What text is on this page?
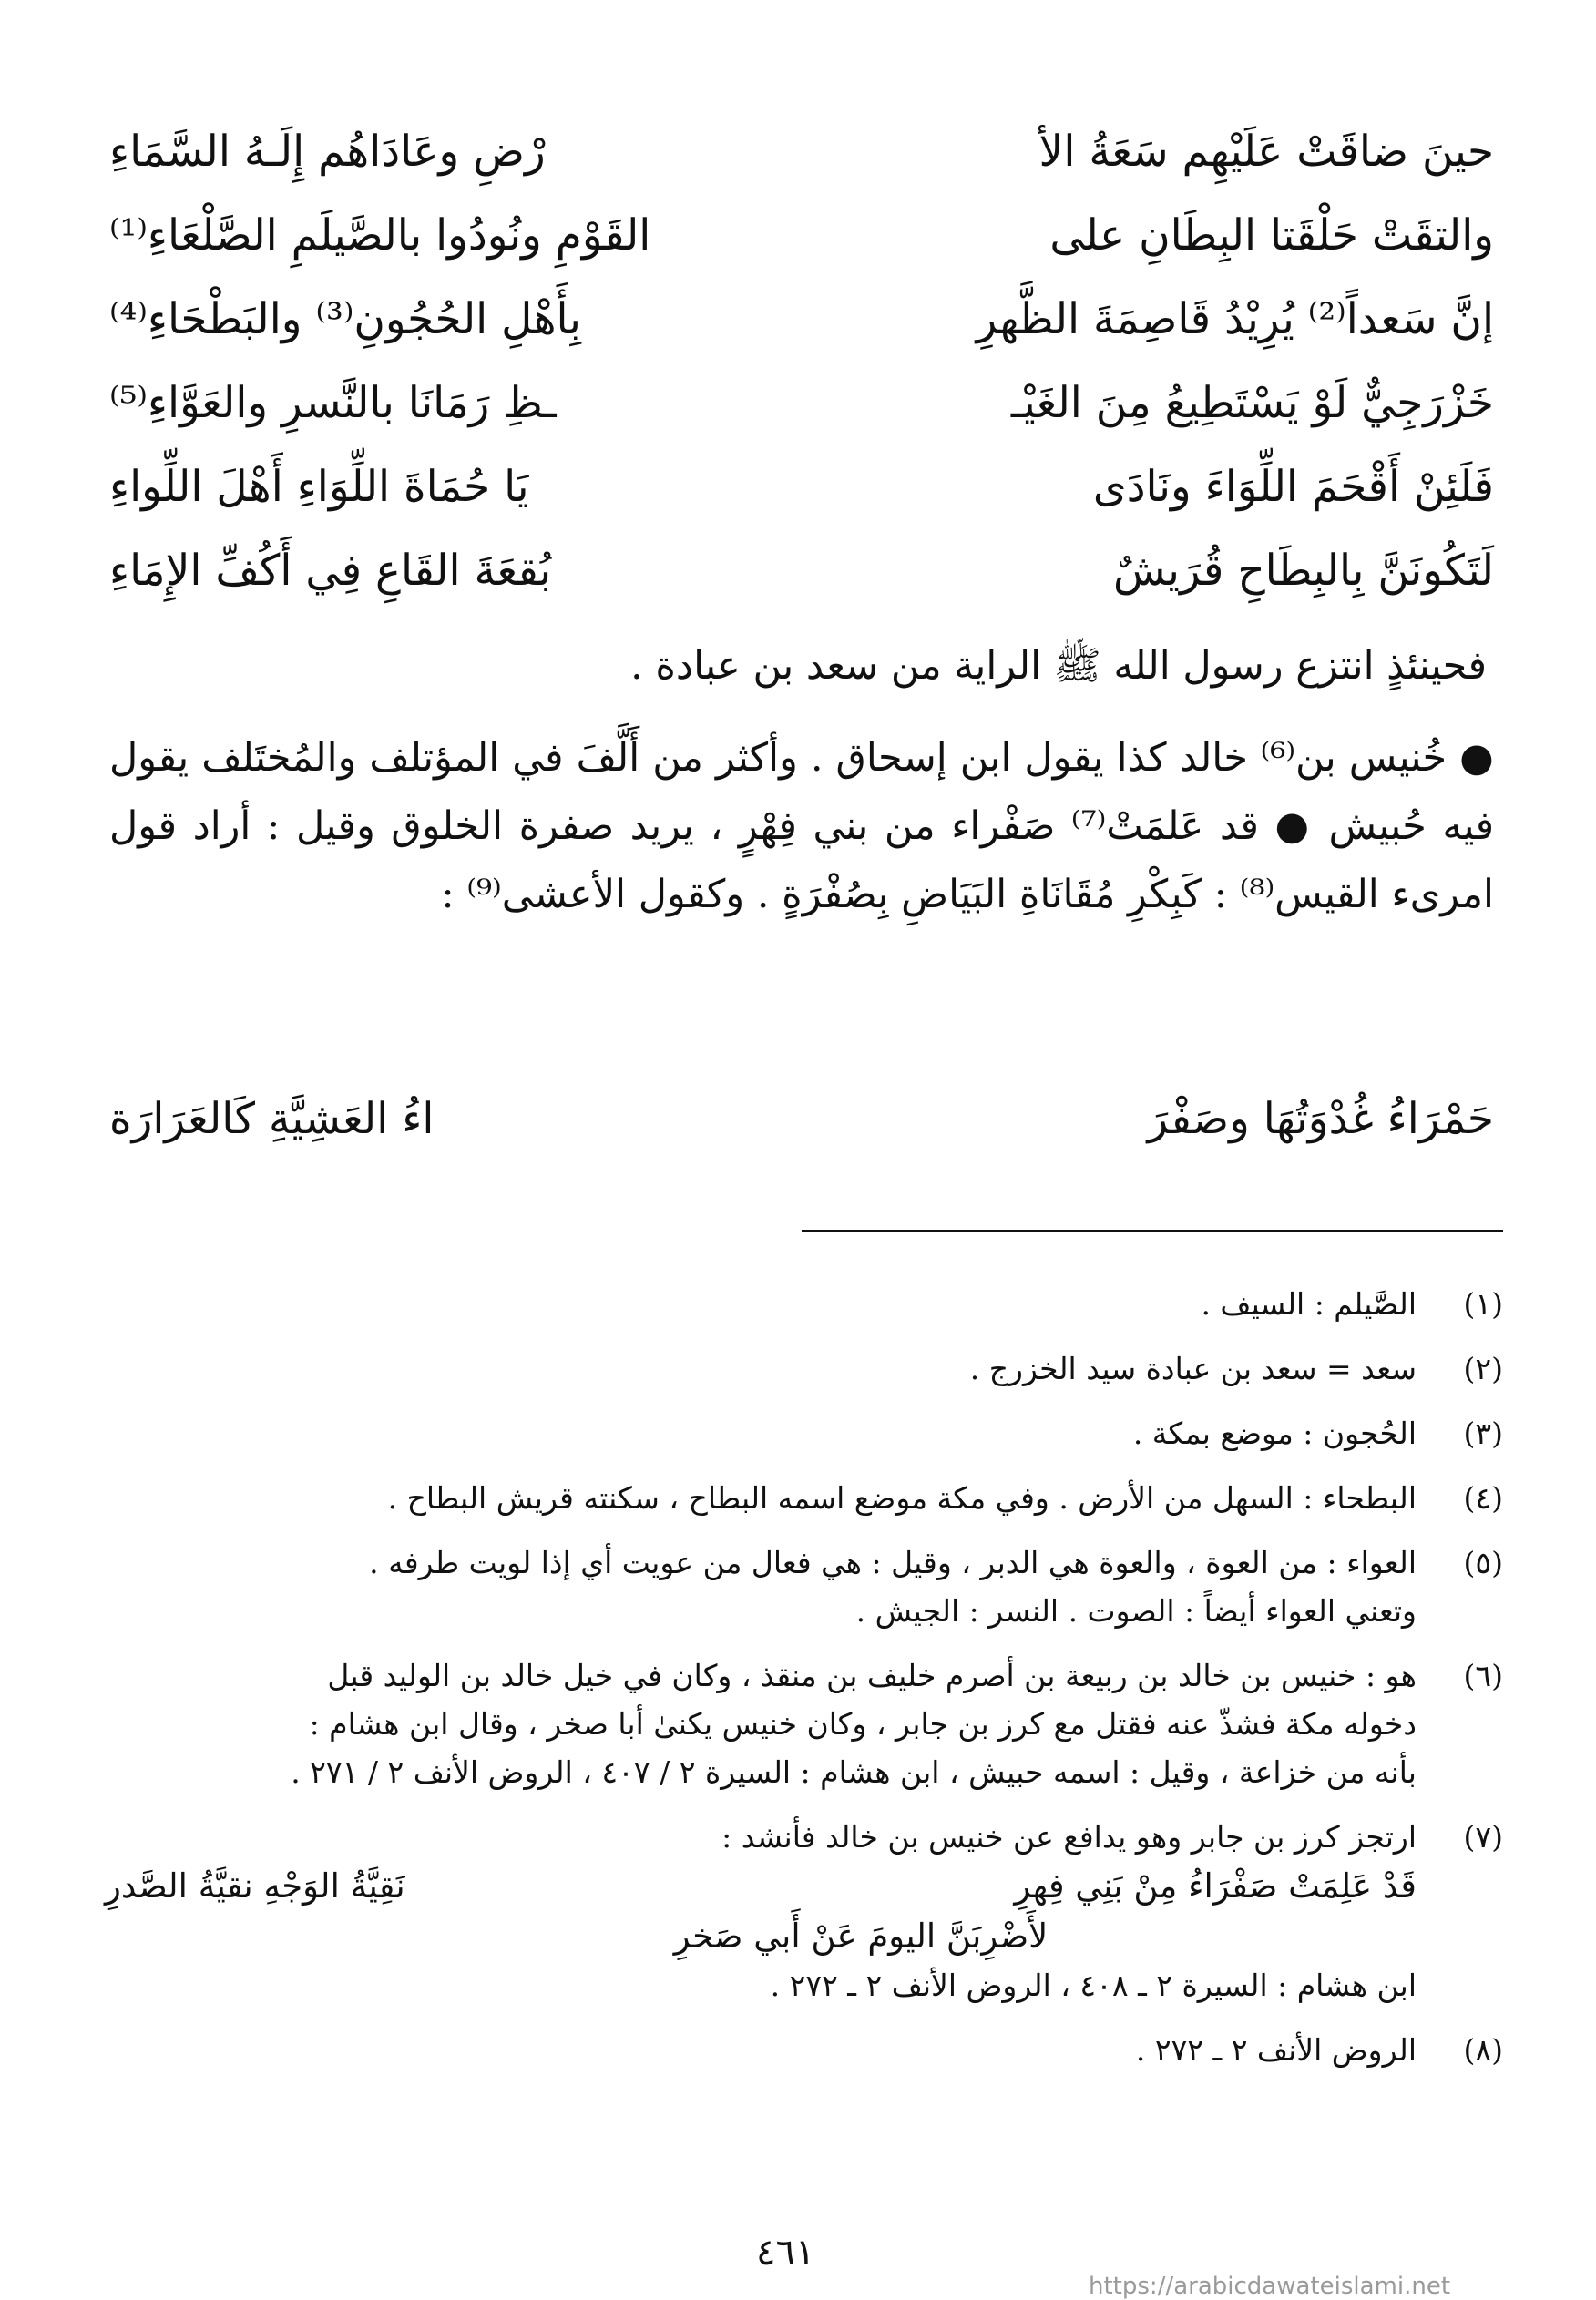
حينَ ضاقَتْ عَلَيْهِم سَعَةُ الأ
رْضِ وعَادَاهُم إِلَـهُ السَّمَاءِ
والتقَتْ حَلْقَتا البِطَانِ على
القَوْمِ ونُودُوا بالصَّيلَمِ الصَّلْعَاءِ⁽¹⁾
إنَّ سَعداً⁽²⁾ يُرِيْدُ قَاصِمَةَ الظَّهرِ
بِأَهْلِ الحُجُونِ⁽³⁾ والبَطْحَاءِ⁽⁴⁾
خَزْرَجِيٌّ لَوْ يَسْتَطِيعُ مِنَ الغَيْـ
ـظِ رَمَانَا بالنَّسرِ والعَوَّاءِ⁽⁵⁾
فَلَئِنْ أَقْحَمَ اللِّوَاءَ ونَادَى
يَا حُمَاةَ اللِّوَاءِ أَهْلَ اللِّواءِ
لَتَكُونَنَّ بِالبِطَاحِ قُرَيشٌ
بُقعَةَ القَاعِ فِي أَكُفِّ الإِمَاءِ
فحينئذٍ انتزع رسول الله ﷺ الراية من سعد بن عبادة .
● خُنيس بن⁽⁶⁾ خالد كذا يقول ابن إسحاق . وأكثر من أَلَّفَ في المؤتلف والمُختَلف يقول فيه حُبيش ● قد عَلمَتْ⁽⁷⁾ صَفْراء من بني فِهْرٍ ، يريد صفرة الخلوق وقيل : أراد قول امرىء القيس⁽⁸⁾ : كَبِكْرِ مُقَانَاةِ البَيَاضِ بِصُفْرَةٍ . وكقول الأعشى⁽⁹⁾ :
حَمْرَاءُ غُدْوَتُهَا وصَفْرَ
اءُ العَشِيَّةِ كَالعَرَارَة
(١)
الصَّيلم : السيف .
(٢)
سعد = سعد بن عبادة سيد الخزرج .
(٣)
الحُجون : موضع بمكة .
(٤)
البطحاء : السهل من الأرض . وفي مكة موضع اسمه البطاح ، سكنته قريش البطاح .
(٥)
العواء : من العوة ، والعوة هي الدبر ، وقيل : هي فعال من عويت أي إذا لويت طرفه .
وتعني العواء أيضاً : الصوت . النسر : الجيش .
(٦)
هو : خنيس بن خالد بن ربيعة بن أصرم خليف بن منقذ ، وكان في خيل خالد بن الوليد قبل
دخوله مكة فشذّ عنه فقتل مع كرز بن جابر ، وكان خنيس يكنىٰ أبا صخر ، وقال ابن هشام :
بأنه من خزاعة ، وقيل : اسمه حبيش ، ابن هشام : السيرة ٢ / ٤٠٧ ، الروض الأنف ٢ / ٢٧١ .
(٧)
ارتجز كرز بن جابر وهو يدافع عن خنيس بن خالد فأنشد :
قَدْ عَلِمَتْ صَفْرَاءُ مِنْ بَنِي فِهرِ
نَقِيَّةُ الوَجْهِ نقيَّةُ الصَّدرِ
لأَضْرِبَنَّ اليومَ عَنْ أَبي صَخرِ
ابن هشام : السيرة ٢ ـ ٤٠٨ ، الروض الأنف ٢ ـ ٢٧٢ .
(٨)
الروض الأنف ٢ ـ ٢٧٢ .
٤٦١
https://arabicdawateislami.net
